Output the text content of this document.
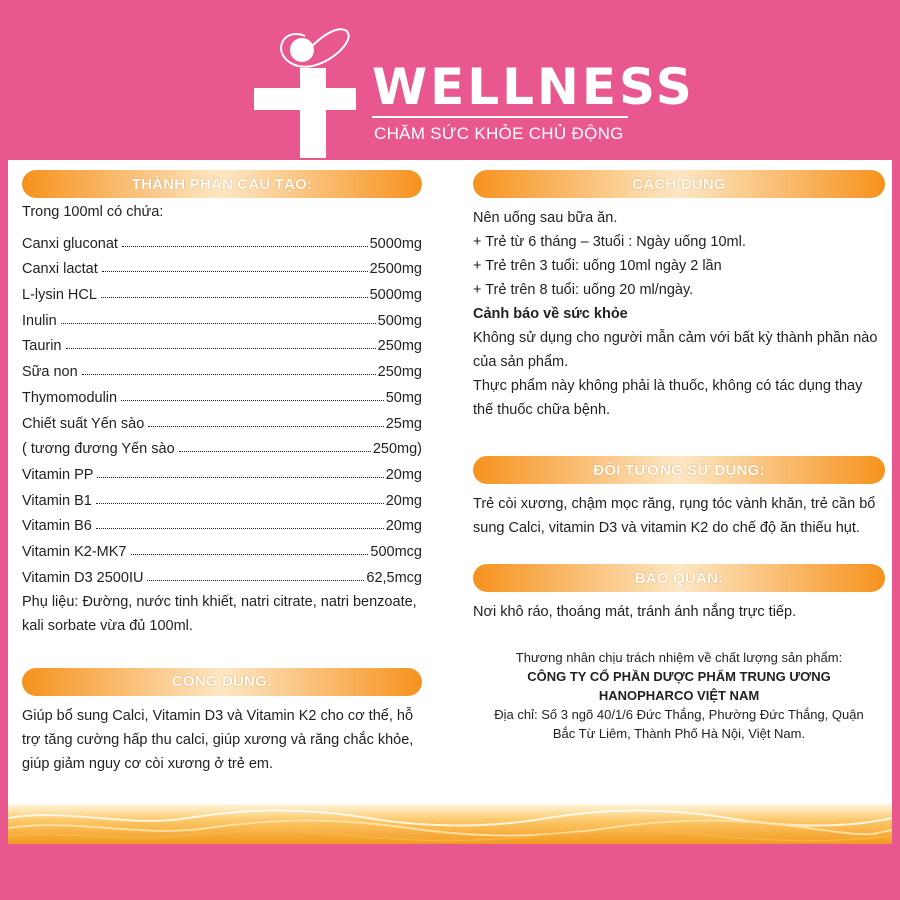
WELLNESS
CHĂM SỨC KHỎE CHỦ ĐỘNG
THÀNH PHẦN CẤU TẠO:
Trong 100ml có chứa:
Canxi gluconat	5000mg
Canxi lactat	2500mg
L-lysin HCL	5000mg
Inulin	500mg
Taurin	250mg
Sữa non	250mg
Thymomodulin	50mg
Chiết suất Yến sào	25mg
( tương đương Yến sào	250mg)
Vitamin PP	20mg
Vitamin B1	20mg
Vitamin B6	20mg
Vitamin K2-MK7	500mcg
Vitamin D3 2500IU	62,5mcg
Phụ liệu: Đường, nước tinh khiết, natri citrate, natri benzoate, kali sorbate vừa đủ 100ml.
CÔNG DỤNG:
Giúp bổ sung Calci, Vitamin D3 và Vitamin K2 cho cơ thể, hỗ trợ tăng cường hấp thu calci, giúp xương và răng chắc khỏe, giúp giảm nguy cơ còi xương ở trẻ em.
CÁCH DÙNG
Nên uống sau bữa ăn.
+ Trẻ từ 6 tháng – 3tuổi : Ngày uống 10ml.
+ Trẻ trên 3 tuổi: uống 10ml ngày 2 lần
+ Trẻ trên 8 tuổi: uống 20 ml/ngày.
Cảnh báo về sức khỏe
Không sử dụng cho người mẫn cảm với bất kỳ thành phần nào của sản phẩm.
Thực phẩm này không phải là thuốc, không có tác dụng thay thế thuốc chữa bệnh.
ĐỐI TƯỢNG SỬ DỤNG:
Trẻ còi xương, chậm mọc răng, rụng tóc vành khăn, trẻ cần bổ sung Calci, vitamin D3 và vitamin K2 do chế độ ăn thiếu hụt.
BẢO QUẢN:
Nơi khô ráo, thoáng mát, tránh ánh nắng trực tiếp.
Thương nhân chịu trách nhiệm về chất lượng sản phẩm:
CÔNG TY CỔ PHẦN DƯỢC PHẨM TRUNG ƯƠNG
HANOPHARCO VIỆT NAM
Địa chỉ: Số 3 ngõ 40/1/6 Đức Thắng, Phường Đức Thắng, Quận
Bắc Từ Liêm, Thành Phố Hà Nội, Việt Nam.
